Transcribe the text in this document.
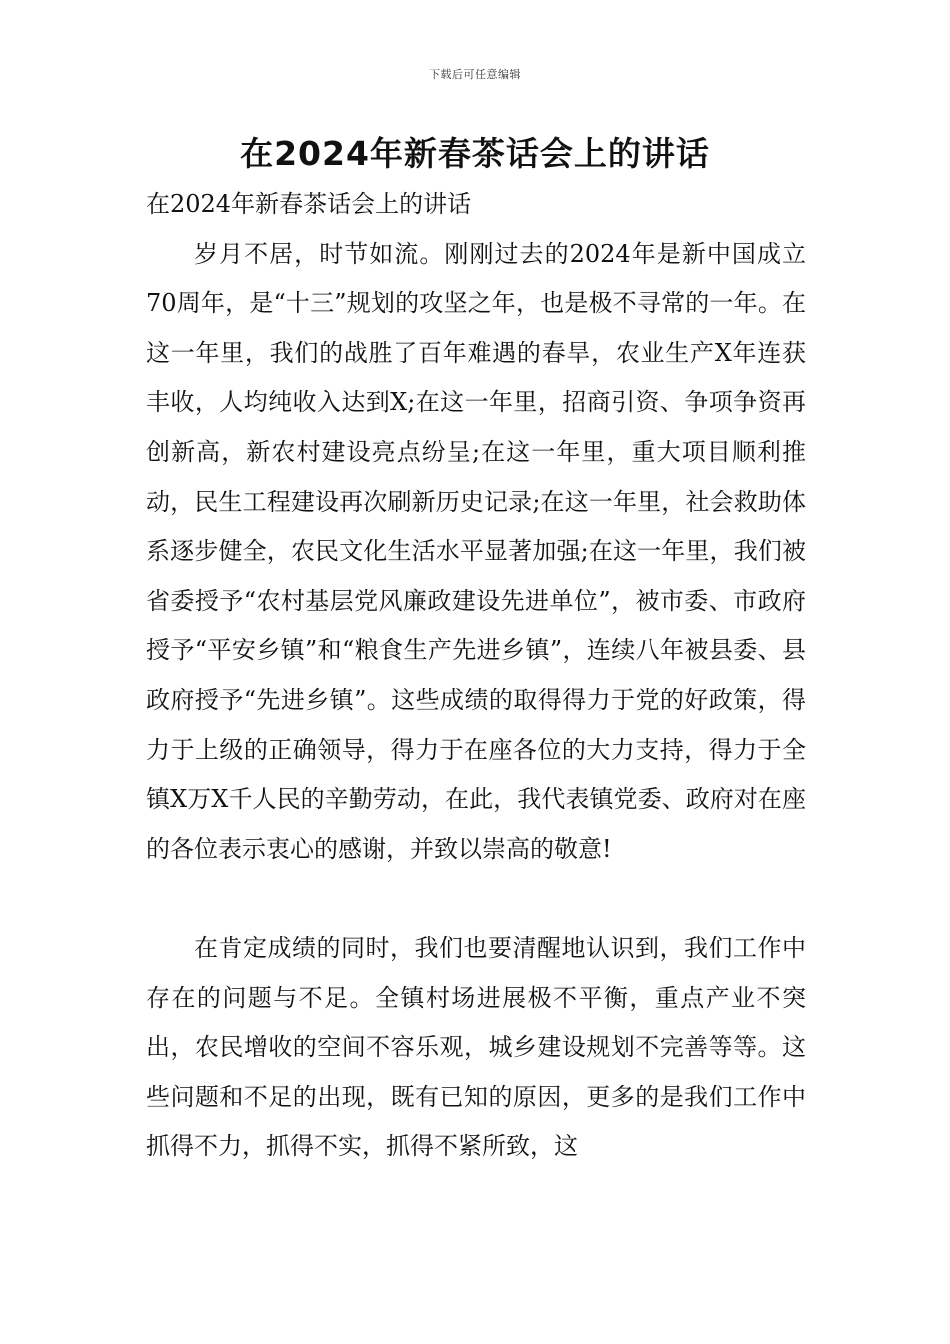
下载后可任意编辑
在2024年新春茶话会上的讲话

在2024年新春茶话会上的讲话

岁月不居，时节如流。刚刚过去的2024年是新中国成立70周年，是“十三”规划的攻坚之年，也是极不寻常的一年。在这一年里，我们的战胜了百年难遇的春旱，农业生产X年连获丰收，人均纯收入达到X;在这一年里，招商引资、争项争资再创新高，新农村建设亮点纷呈;在这一年里，重大项目顺利推动，民生工程建设再次刷新历史记录;在这一年里，社会救助体系逐步健全，农民文化生活水平显著加强;在这一年里，我们被省委授予“农村基层党风廉政建设先进单位”，被市委、市政府授予“平安乡镇”和“粮食生产先进乡镇”，连续八年被县委、县政府授予“先进乡镇”。这些成绩的取得得力于党的好政策，得力于上级的正确领导，得力于在座各位的大力支持，得力于全镇X万X千人民的辛勤劳动，在此，我代表镇党委、政府对在座的各位表示衷心的感谢，并致以崇高的敬意!

在肯定成绩的同时，我们也要清醒地认识到，我们工作中存在的问题与不足。全镇村场进展极不平衡，重点产业不突出，农民增收的空间不容乐观，城乡建设规划不完善等等。这些问题和不足的出现，既有已知的原因，更多的是我们工作中抓得不力，抓得不实，抓得不紧所致，这
